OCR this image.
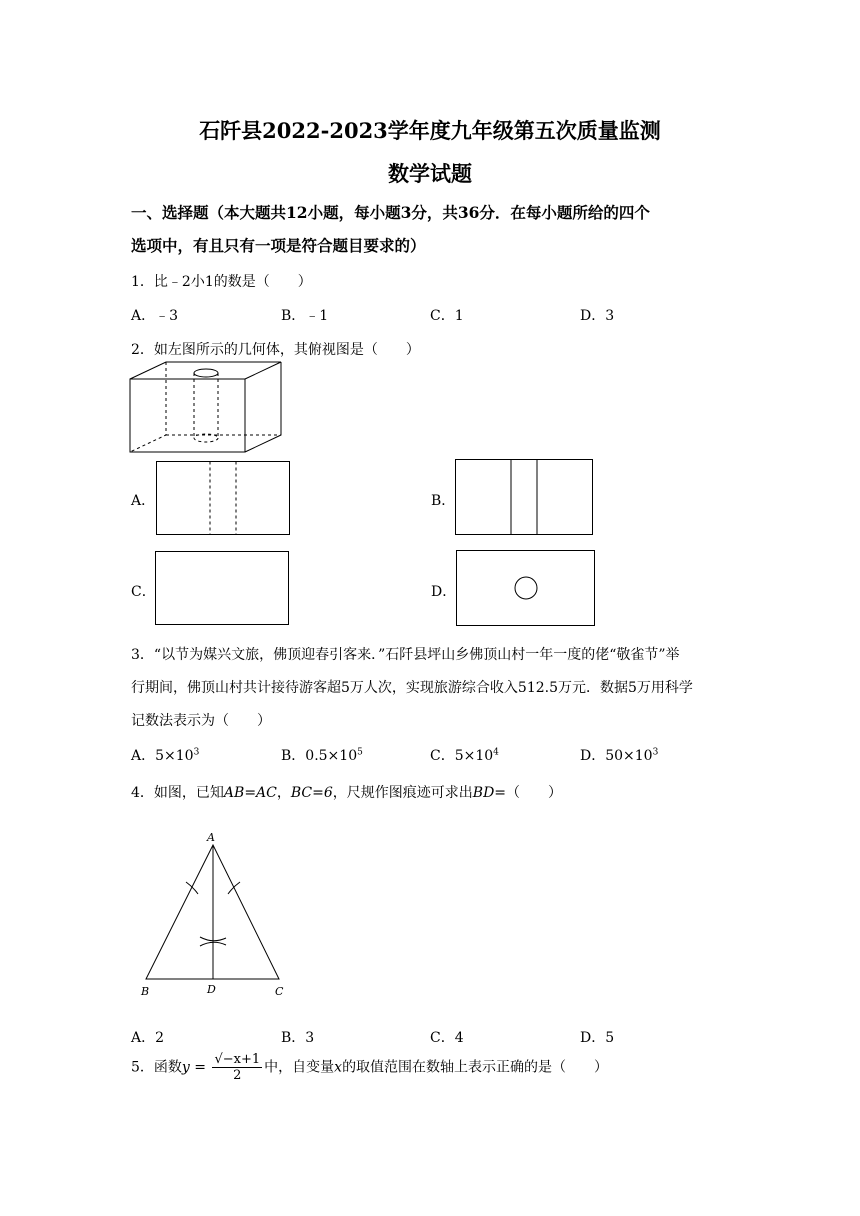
石阡县2022-2023学年度九年级第五次质量监测
数学试题
一、选择题（本大题共12小题，每小题3分，共36分．在每小题所给的四个
选项中，有且只有一项是符合题目要求的）
1．比﹣2小1的数是（　　）
A．﹣3	B．﹣1	C．1	D．3
2．如左图所示的几何体，其俯视图是（　　）
A．	B．
C．	D．
3．“以节为媒兴文旅，佛顶迎春引客来．”石阡县坪山乡佛顶山村一年一度的佬“敬雀节”举
行期间，佛顶山村共计接待游客超5万人次，实现旅游综合收入512.5万元．数据5万用科学
记数法表示为（　　）
A．$5\times 10^3$	B．$0.5\times 10^5$	C．$5\times 10^4$	D．$50\times 10^3$
4．如图，已知AB=AC，BC=6，尺规作图痕迹可求出BD=（　　）
A
B	D	C
A．2	B．3	C．4	D．5
5．函数$y = \frac{√-x+1}{2}$ 中，自变量x的取值范围在数轴上表示正确的是（　　）
